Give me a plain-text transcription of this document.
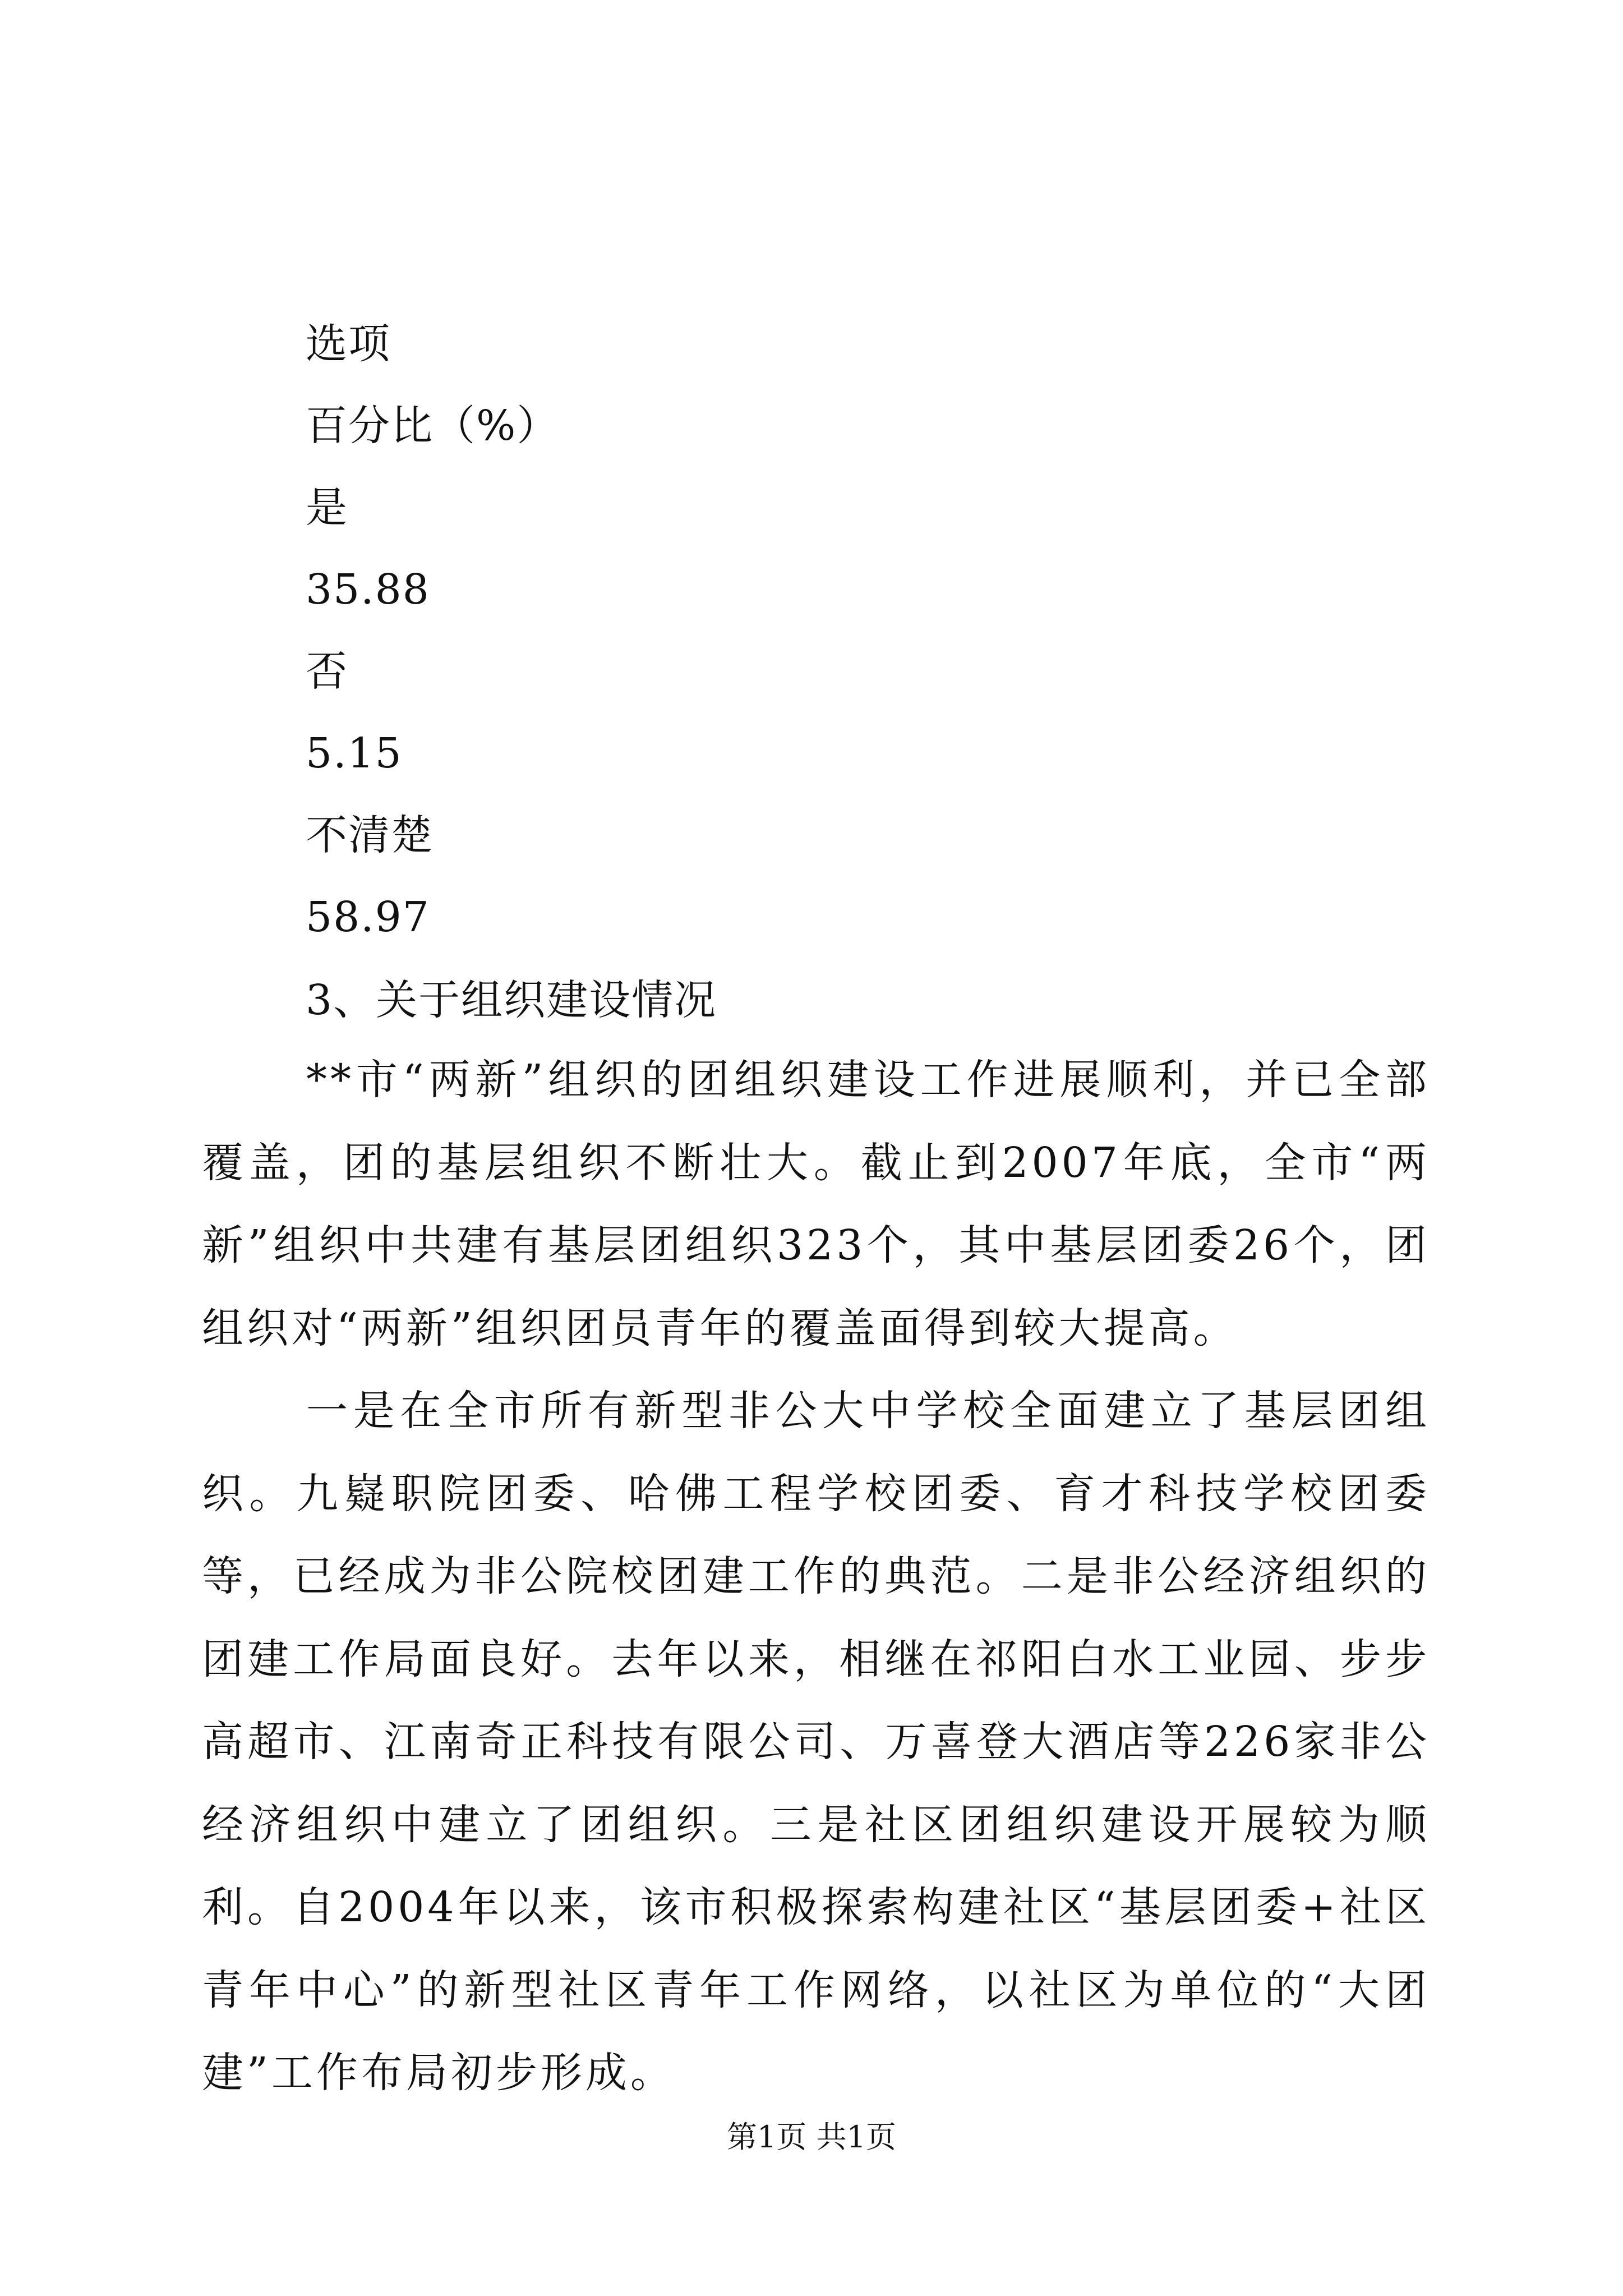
选项
百分比（%）
是
35.88
否
5.15
不清楚
58.97
3、关于组织建设情况

**市“两新”组织的团组织建设工作进展顺利，并已全部覆盖，团的基层组织不断壮大。截止到2007年底，全市“两新”组织中共建有基层团组织323个，其中基层团委26个，团组织对“两新”组织团员青年的覆盖面得到较大提高。

一是在全市所有新型非公大中学校全面建立了基层团组织。九嶷职院团委、哈佛工程学校团委、育才科技学校团委等，已经成为非公院校团建工作的典范。二是非公经济组织的团建工作局面良好。去年以来，相继在祁阳白水工业园、步步高超市、江南奇正科技有限公司、万喜登大酒店等226家非公经济组织中建立了团组织。三是社区团组织建设开展较为顺利。自2004年以来，该市积极探索构建社区“基层团委+社区青年中心”的新型社区青年工作网络，以社区为单位的“大团建”工作布局初步形成。

第1页 共1页
